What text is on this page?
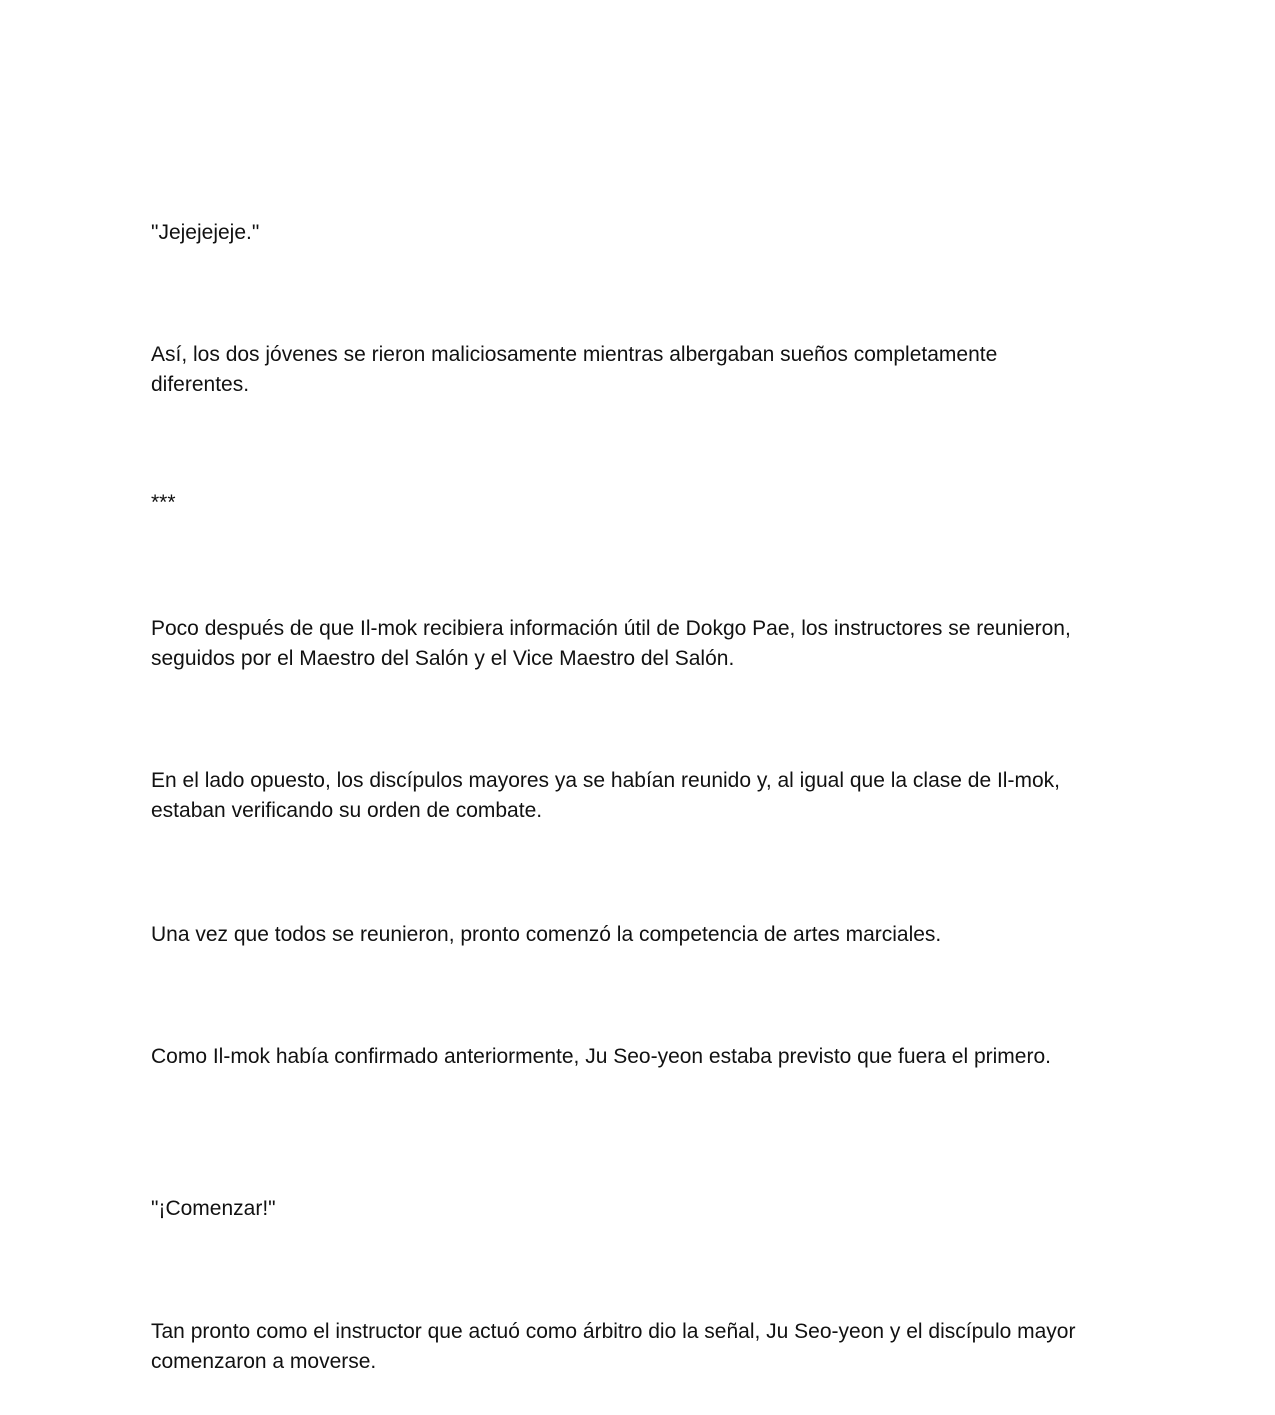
"Jejejejeje."

Así, los dos jóvenes se rieron maliciosamente mientras albergaban sueños completamente diferentes.

***

Poco después de que Il-mok recibiera información útil de Dokgo Pae, los instructores se reunieron, seguidos por el Maestro del Salón y el Vice Maestro del Salón.

En el lado opuesto, los discípulos mayores ya se habían reunido y, al igual que la clase de Il-mok, estaban verificando su orden de combate.

Una vez que todos se reunieron, pronto comenzó la competencia de artes marciales.

Como Il-mok había confirmado anteriormente, Ju Seo-yeon estaba previsto que fuera el primero.

"¡Comenzar!"

Tan pronto como el instructor que actuó como árbitro dio la señal, Ju Seo-yeon y el discípulo mayor comenzaron a moverse.
